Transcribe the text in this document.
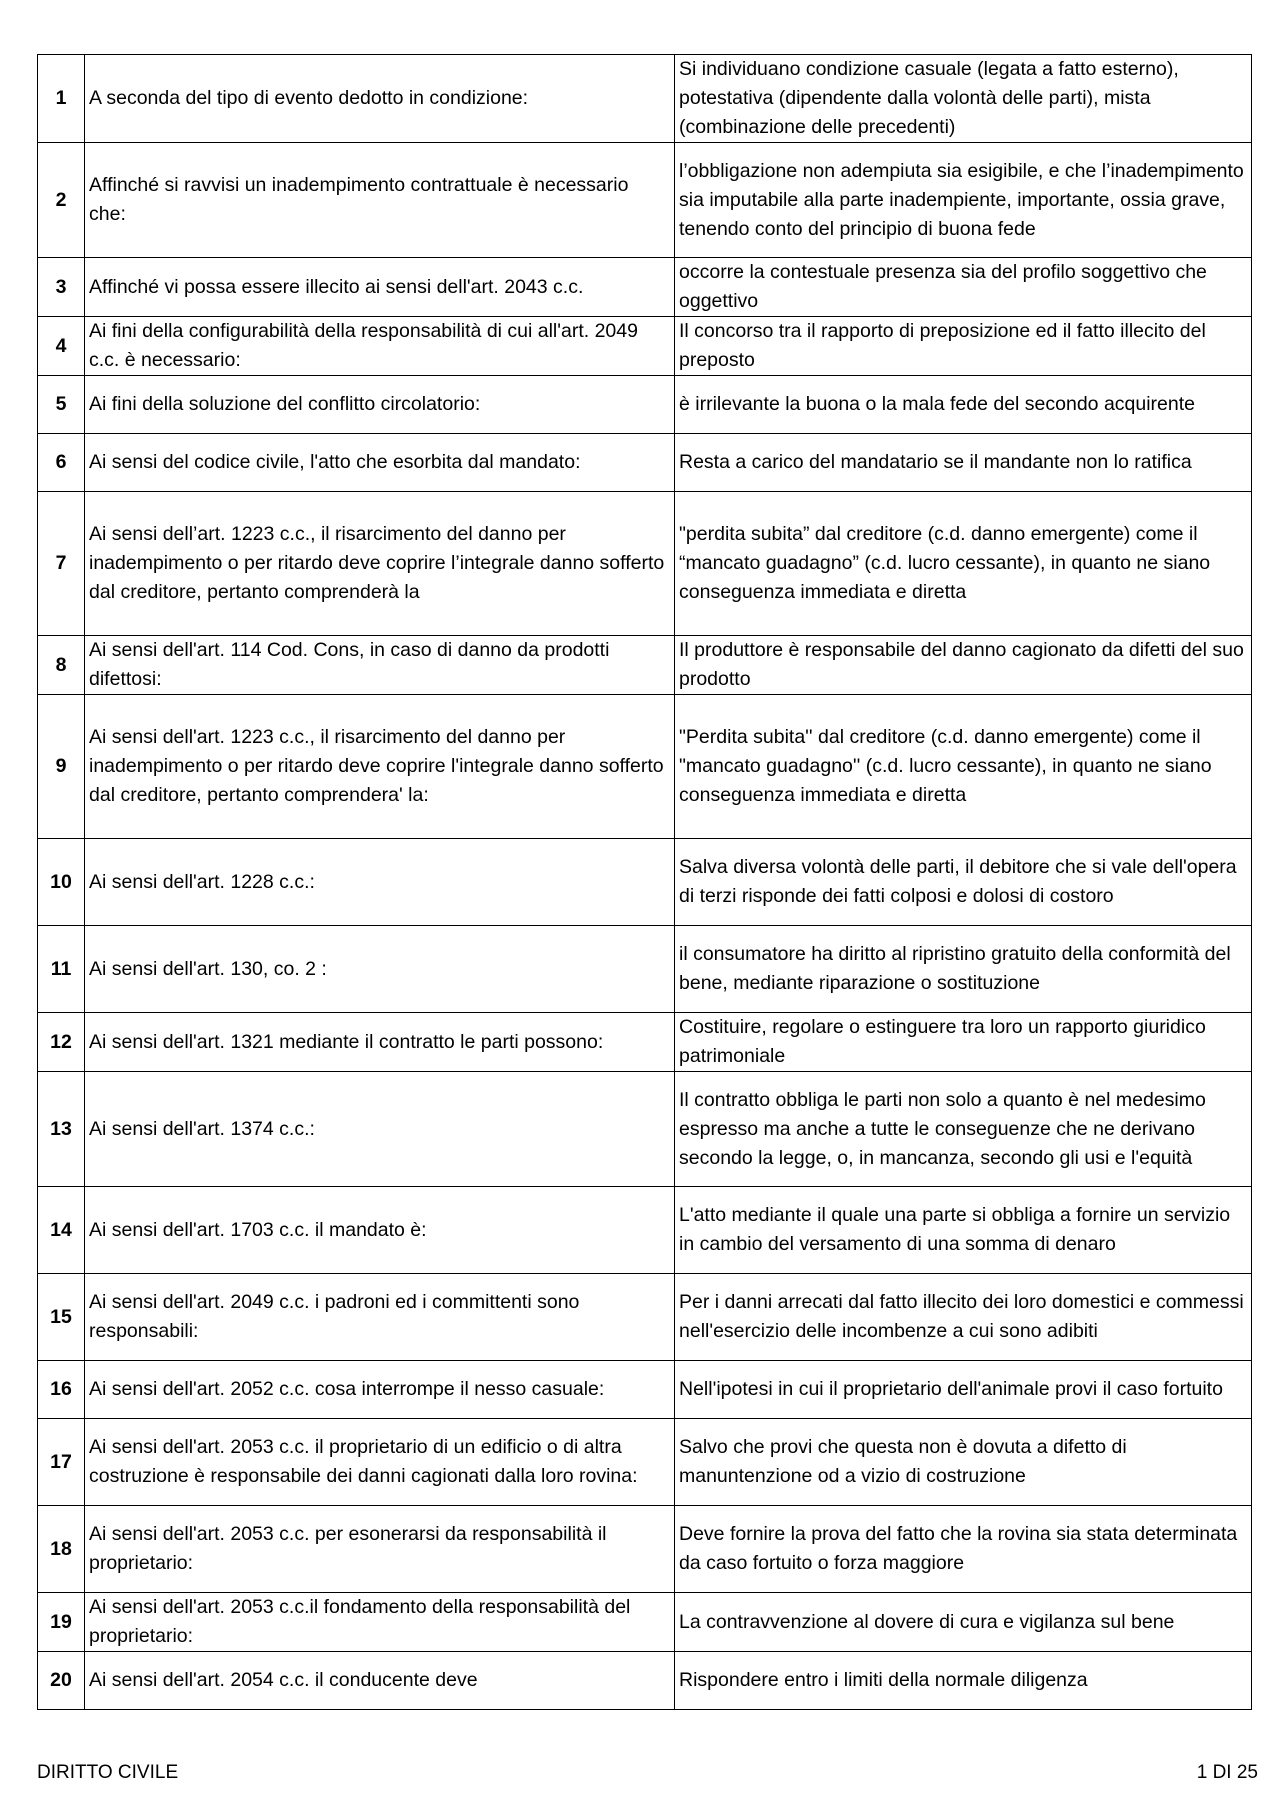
1	A seconda del tipo di evento dedotto in condizione:	Si individuano condizione casuale (legata a fatto esterno), potestativa (dipendente dalla volontà delle parti), mista (combinazione delle precedenti)
2	Affinché si ravvisi un inadempimento contrattuale è necessario che:	l’obbligazione non adempiuta sia esigibile, e che l’inadempimento sia imputabile alla parte inadempiente, importante, ossia grave, tenendo conto del principio di buona fede
3	Affinché vi possa essere illecito ai sensi dell'art. 2043 c.c.	occorre la contestuale presenza sia del profilo soggettivo che oggettivo
4	Ai fini della configurabilità della responsabilità di cui all'art. 2049 c.c. è necessario:	Il concorso tra il rapporto di preposizione ed il fatto illecito del preposto
5	Ai fini della soluzione del conflitto circolatorio:	è irrilevante la buona o la mala fede del secondo acquirente
6	Ai sensi del codice civile, l'atto che esorbita dal mandato:	Resta a carico del mandatario se il mandante non lo ratifica
7	Ai sensi dell’art. 1223 c.c., il risarcimento del danno per inadempimento o per ritardo deve coprire l’integrale danno sofferto dal creditore, pertanto comprenderà la	"perdita subita” dal creditore (c.d. danno emergente) come il “mancato guadagno” (c.d. lucro cessante), in quanto ne siano conseguenza immediata e diretta
8	Ai sensi dell'art. 114 Cod. Cons, in caso di danno da prodotti difettosi:	Il produttore è responsabile del danno cagionato da difetti del suo prodotto
9	Ai sensi dell'art. 1223 c.c., il risarcimento del danno per inadempimento o per ritardo deve coprire l'integrale danno sofferto dal creditore, pertanto comprendera' la:	"Perdita subita'' dal creditore (c.d. danno emergente) come il "mancato guadagno'' (c.d. lucro cessante), in quanto ne siano conseguenza immediata e diretta
10	Ai sensi dell'art. 1228 c.c.:	Salva diversa volontà delle parti, il debitore che si vale dell'opera di terzi risponde dei fatti colposi e dolosi di costoro
11	Ai sensi dell'art. 130, co. 2 :	il consumatore ha diritto al ripristino gratuito della conformità del bene, mediante riparazione o sostituzione
12	Ai sensi dell'art. 1321 mediante il contratto le parti possono:	Costituire, regolare o estinguere tra loro un rapporto giuridico patrimoniale
13	Ai sensi dell'art. 1374 c.c.:	Il contratto obbliga le parti non solo a quanto è nel medesimo espresso ma anche a tutte le conseguenze che ne derivano secondo la legge, o, in mancanza, secondo gli usi e l'equità
14	Ai sensi dell'art. 1703 c.c. il mandato è:	L'atto mediante il quale una parte si obbliga a fornire un servizio in cambio del versamento di una somma di denaro
15	Ai sensi dell'art. 2049 c.c. i padroni ed i committenti sono responsabili:	Per i danni arrecati dal fatto illecito dei loro domestici e commessi nell'esercizio delle incombenze a cui sono adibiti
16	Ai sensi dell'art. 2052 c.c. cosa interrompe il nesso casuale:	Nell'ipotesi in cui il proprietario dell'animale provi il caso fortuito
17	Ai sensi dell'art. 2053 c.c. il proprietario di un edificio o di altra costruzione è responsabile dei danni cagionati dalla loro rovina:	Salvo che provi che questa non è dovuta a difetto di manuntenzione od a vizio di costruzione
18	Ai sensi dell'art. 2053 c.c. per esonerarsi da responsabilità il proprietario:	Deve fornire la prova del fatto che la rovina sia stata determinata da caso fortuito o forza maggiore
19	Ai sensi dell'art. 2053 c.c.il fondamento della responsabilità del proprietario:	La contravvenzione al dovere di cura e vigilanza sul bene
20	Ai sensi dell'art. 2054 c.c. il conducente deve	Rispondere entro i limiti della normale diligenza
DIRITTO CIVILE	1 DI 25
